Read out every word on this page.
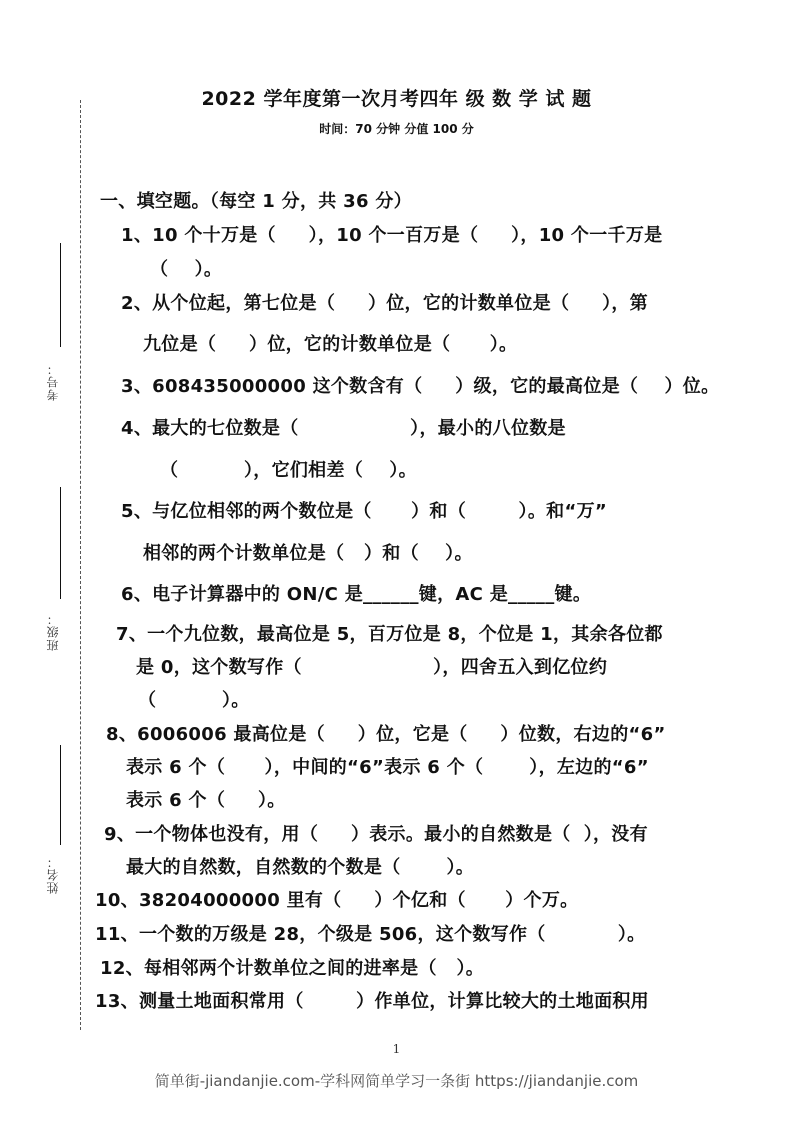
考号：
班级：
姓名：
2022 学年度第一次月考四年 级 数 学 试 题
时间：70 分钟 分值 100 分
一、填空题。（每空 1 分，共 36 分）
1、10 个十万是（     ），10 个一百万是（     ），10 个一千万是
（    ）。
2、从个位起，第七位是（     ）位，它的计数单位是（     ），第
九位是（     ）位，它的计数单位是（      ）。
3、608435000000 这个数含有（     ）级，它的最高位是（    ）位。
4、最大的七位数是（                 ），最小的八位数是
（          ），它们相差（    ）。
5、与亿位相邻的两个数位是（      ）和（        ）。和“万”
相邻的两个计数单位是（   ）和（    ）。
6、电子计算器中的 ON/C 是______键，AC 是_____键。
7、一个九位数，最高位是 5，百万位是 8，个位是 1，其余各位都
是 0，这个数写作（                    ），四舍五入到亿位约
（          ）。
8、6006006 最高位是（     ）位，它是（     ）位数，右边的“6”
表示 6 个（      ），中间的“6”表示 6 个（       ），左边的“6”
表示 6 个（     ）。
9、一个物体也没有，用（     ）表示。最小的自然数是（  ），没有
最大的自然数，自然数的个数是（       ）。
10、38204000000 里有（     ）个亿和（      ）个万。
11、一个数的万级是 28，个级是 506，这个数写作（           ）。
12、每相邻两个计数单位之间的进率是（   ）。
13、测量土地面积常用（        ）作单位，计算比较大的土地面积用
1
简单街-jiandanjie.com-学科网简单学习一条街 https://jiandanjie.com
